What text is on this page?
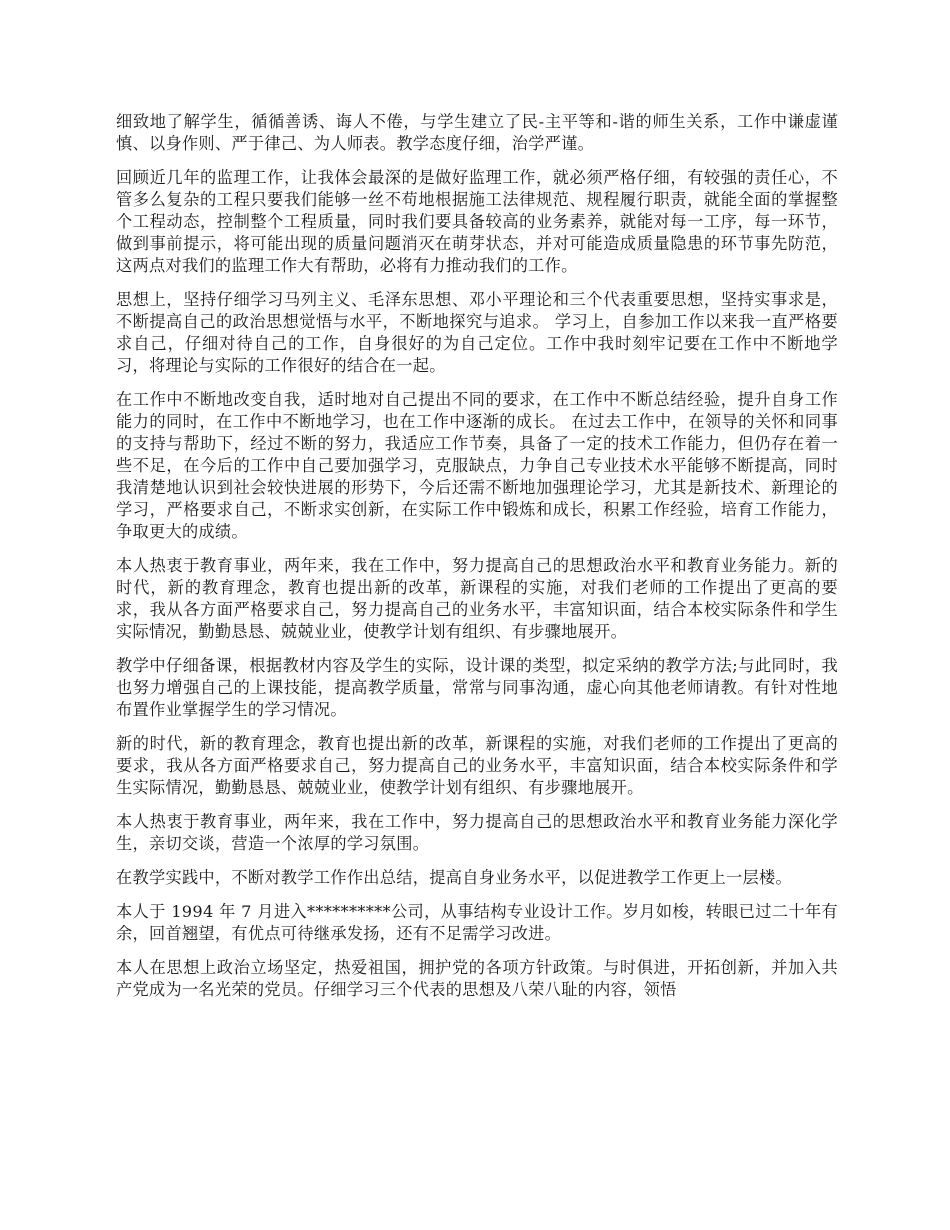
细致地了解学生，循循善诱、诲人不倦，与学生建立了民-主平等和-谐的师生关系，工作中谦虚谨慎、以身作则、严于律己、为人师表。教学态度仔细，治学严谨。

回顾近几年的监理工作，让我体会最深的是做好监理工作，就必须严格仔细，有较强的责任心，不管多么复杂的工程只要我们能够一丝不苟地根据施工法律规范、规程履行职责，就能全面的掌握整个工程动态，控制整个工程质量，同时我们要具备较高的业务素养，就能对每一工序，每一环节，做到事前提示，将可能出现的质量问题消灭在萌芽状态，并对可能造成质量隐患的环节事先防范，这两点对我们的监理工作大有帮助，必将有力推动我们的工作。

思想上，坚持仔细学习马列主义、毛泽东思想、邓小平理论和三个代表重要思想，坚持实事求是，不断提高自己的政治思想觉悟与水平，不断地探究与追求。 学习上，自参加工作以来我一直严格要求自己，仔细对待自己的工作，自身很好的为自己定位。工作中我时刻牢记要在工作中不断地学习，将理论与实际的工作很好的结合在一起。

在工作中不断地改变自我，适时地对自己提出不同的要求，在工作中不断总结经验，提升自身工作能力的同时，在工作中不断地学习，也在工作中逐渐的成长。 在过去工作中，在领导的关怀和同事的支持与帮助下，经过不断的努力，我适应工作节奏，具备了一定的技术工作能力，但仍存在着一些不足，在今后的工作中自己要加强学习，克服缺点，力争自己专业技术水平能够不断提高，同时我清楚地认识到社会较快进展的形势下，今后还需不断地加强理论学习，尤其是新技术、新理论的学习，严格要求自己，不断求实创新，在实际工作中锻炼和成长，积累工作经验，培育工作能力，争取更大的成绩。

本人热衷于教育事业，两年来，我在工作中，努力提高自己的思想政治水平和教育业务能力。新的时代，新的教育理念，教育也提出新的改革，新课程的实施，对我们老师的工作提出了更高的要求，我从各方面严格要求自己，努力提高自己的业务水平，丰富知识面，结合本校实际条件和学生实际情况，勤勤恳恳、兢兢业业，使教学计划有组织、有步骤地展开。

教学中仔细备课，根据教材内容及学生的实际，设计课的类型，拟定采纳的教学方法;与此同时，我也努力增强自己的上课技能，提高教学质量，常常与同事沟通，虚心向其他老师请教。有针对性地布置作业掌握学生的学习情况。

新的时代，新的教育理念，教育也提出新的改革，新课程的实施，对我们老师的工作提出了更高的要求，我从各方面严格要求自己，努力提高自己的业务水平，丰富知识面，结合本校实际条件和学生实际情况，勤勤恳恳、兢兢业业，使教学计划有组织、有步骤地展开。

本人热衷于教育事业，两年来，我在工作中，努力提高自己的思想政治水平和教育业务能力深化学生，亲切交谈，营造一个浓厚的学习氛围。

在教学实践中，不断对教学工作作出总结，提高自身业务水平，以促进教学工作更上一层楼。

本人于 1994 年 7 月进入**********公司，从事结构专业设计工作。岁月如梭，转眼已过二十年有余，回首翘望，有优点可待继承发扬，还有不足需学习改进。

本人在思想上政治立场坚定，热爱祖国，拥护党的各项方针政策。与时俱进，开拓创新，并加入共产党成为一名光荣的党员。仔细学习三个代表的思想及八荣八耻的内容，领悟
